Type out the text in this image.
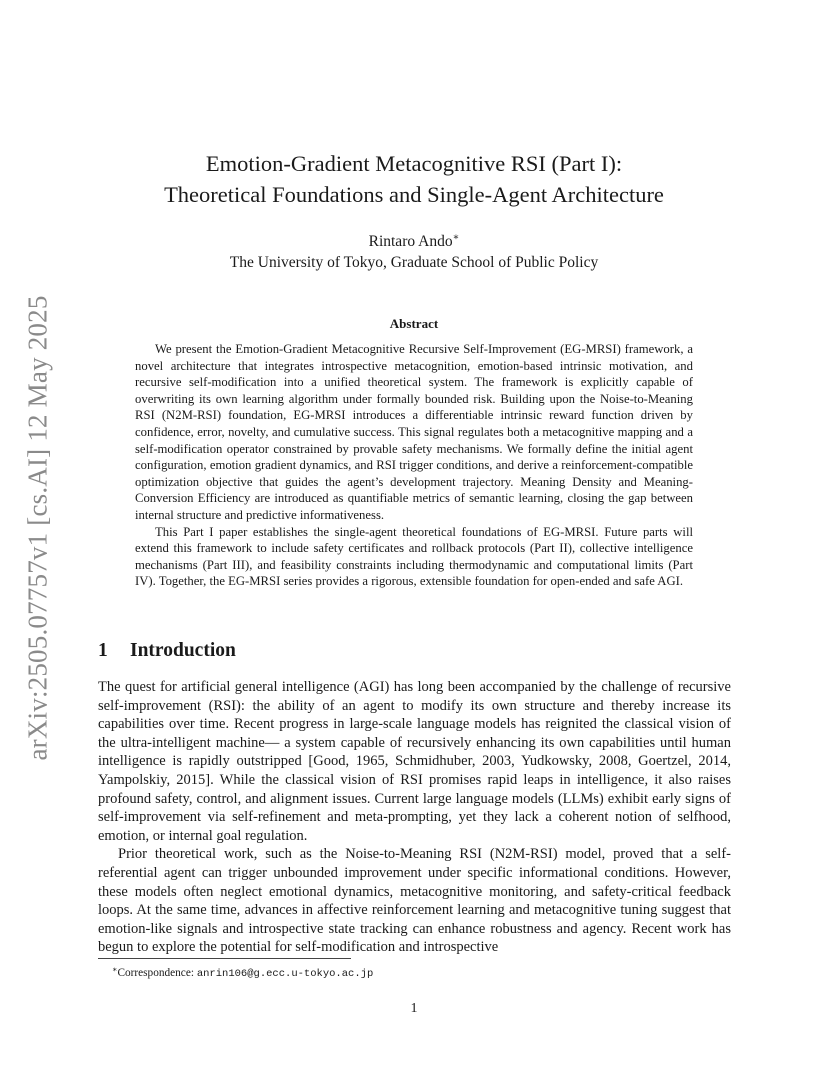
arXiv:2505.07757v1 [cs.AI] 12 May 2025
Emotion-Gradient Metacognitive RSI (Part I):
Theoretical Foundations and Single-Agent Architecture
Rintaro Ando∗
The University of Tokyo, Graduate School of Public Policy
Abstract

We present the Emotion-Gradient Metacognitive Recursive Self-Improvement (EG-MRSI) framework, a novel architecture that integrates introspective metacognition, emotion-based intrinsic motivation, and recursive self-modification into a unified theoretical system. The framework is explicitly capable of overwriting its own learning algorithm under formally bounded risk. Building upon the Noise-to-Meaning RSI (N2M-RSI) foundation, EG-MRSI introduces a differentiable intrinsic reward function driven by confidence, error, novelty, and cumulative success. This signal regulates both a metacognitive mapping and a self-modification operator constrained by provable safety mechanisms. We formally define the initial agent configuration, emotion gradient dynamics, and RSI trigger conditions, and derive a reinforcement-compatible optimization objective that guides the agent’s development trajectory. Meaning Density and Meaning-Conversion Efficiency are introduced as quantifiable metrics of semantic learning, closing the gap between internal structure and predictive informativeness.

This Part I paper establishes the single-agent theoretical foundations of EG-MRSI. Future parts will extend this framework to include safety certificates and rollback protocols (Part II), collective intelligence mechanisms (Part III), and feasibility constraints including thermodynamic and computational limits (Part IV). Together, the EG-MRSI series provides a rigorous, extensible foundation for open-ended and safe AGI.

1 Introduction

The quest for artificial general intelligence (AGI) has long been accompanied by the challenge of recursive self-improvement (RSI): the ability of an agent to modify its own structure and thereby increase its capabilities over time. Recent progress in large-scale language models has reignited the classical vision of the ultra-intelligent machine— a system capable of recursively enhancing its own capabilities until human intelligence is rapidly outstripped [Good, 1965, Schmidhuber, 2003, Yudkowsky, 2008, Goertzel, 2014, Yampolskiy, 2015]. While the classical vision of RSI promises rapid leaps in intelligence, it also raises profound safety, control, and alignment issues. Current large language models (LLMs) exhibit early signs of self-improvement via self-refinement and meta-prompting, yet they lack a coherent notion of selfhood, emotion, or internal goal regulation.

Prior theoretical work, such as the Noise-to-Meaning RSI (N2M-RSI) model, proved that a self-referential agent can trigger unbounded improvement under specific informational conditions. However, these models often neglect emotional dynamics, metacognitive monitoring, and safety-critical feedback loops. At the same time, advances in affective reinforcement learning and metacognitive tuning suggest that emotion-like signals and introspective state tracking can enhance robustness and agency. Recent work has begun to explore the potential for self-modification and introspective

∗Correspondence: anrin106@g.ecc.u-tokyo.ac.jp
1
